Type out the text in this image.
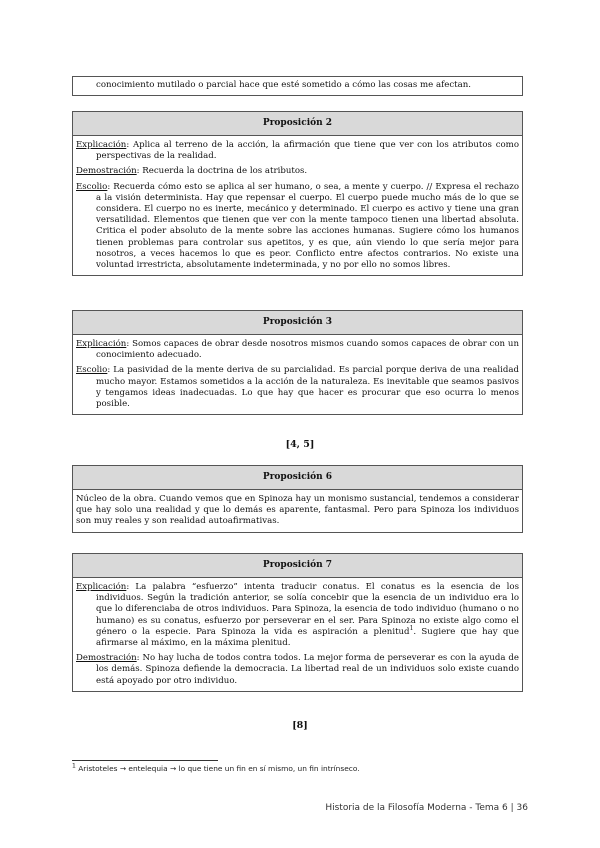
conocimiento mutilado o parcial hace que esté sometido a cómo las cosas me afectan.

Proposición 2

Explicación: Aplica al terreno de la acción, la afirmación que tiene que ver con los atributos como perspectivas de la realidad.

Demostración: Recuerda la doctrina de los atributos.

Escolio: Recuerda cómo esto se aplica al ser humano, o sea, a mente y cuerpo. // Expresa el rechazo a la visión determinista. Hay que repensar el cuerpo. El cuerpo puede mucho más de lo que se considera. El cuerpo no es inerte, mecánico y determinado. El cuerpo es activo y tiene una gran versatilidad. Elementos que tienen que ver con la mente tampoco tienen una libertad absoluta. Critica el poder absoluto de la mente sobre las acciones humanas. Sugiere cómo los humanos tienen problemas para controlar sus apetitos, y es que, aún viendo lo que sería mejor para nosotros, a veces hacemos lo que es peor. Conflicto entre afectos contrarios. No existe una voluntad irrestricta, absolutamente indeterminada, y no por ello no somos libres.

Proposición 3

Explicación: Somos capaces de obrar desde nosotros mismos cuando somos capaces de obrar con un conocimiento adecuado.

Escolio: La pasividad de la mente deriva de su parcialidad. Es parcial porque deriva de una realidad mucho mayor. Estamos sometidos a la acción de la naturaleza. Es inevitable que seamos pasivos y tengamos ideas inadecuadas. Lo que hay que hacer es procurar que eso ocurra lo menos posible.

[4, 5]
Proposición 6

Núcleo de la obra. Cuando vemos que en Spinoza hay un monismo sustancial, tendemos a considerar que hay solo una realidad y que lo demás es aparente, fantasmal. Pero para Spinoza los individuos son muy reales y son realidad autoafirmativas.

Proposición 7

Explicación: La palabra “esfuerzo” intenta traducir conatus. El conatus es la esencia de los individuos. Según la tradición anterior, se solía concebir que la esencia de un individuo era lo que lo diferenciaba de otros individuos. Para Spinoza, la esencia de todo individuo (humano o no humano) es su conatus, esfuerzo por perseverar en el ser. Para Spinoza no existe algo como el género o la especie. Para Spinoza la vida es aspiración a plenitud$^1$. Sugiere que hay que afirmarse al máximo, en la máxima plenitud.

Demostración: No hay lucha de todos contra todos. La mejor forma de perseverar es con la ayuda de los demás. Spinoza defiende la democracia. La libertad real de un individuos solo existe cuando está apoyado por otro individuo.

[8]
$^1$ Aristoteles → entelequia → lo que tiene un fin en sí mismo, un fin intrínseco.
Historia de la Filosofía Moderna - Tema 6 | 36
